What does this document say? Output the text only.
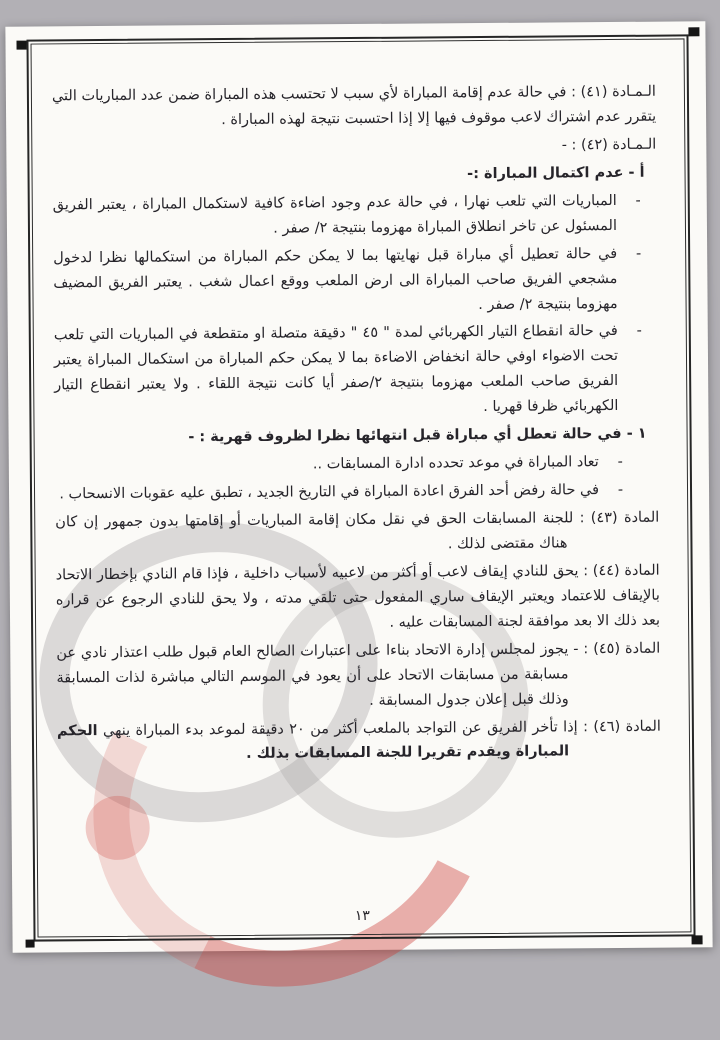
الـمـادة (٤١) : في حالة عدم إقامة المباراة لأي سبب لا تحتسب هذه المباراة ضمن عدد المباريات التي يتقرر عدم اشتراك لاعب موقوف فيها إلا إذا احتسبت نتيجة لهذه المباراة .

الـمـادة (٤٢) : -

أ - عدم اكتمال المباراة :-

-
المباريات التي تلعب نهارا ، في حالة عدم وجود اضاءة كافية لاستكمال المباراة ، يعتبر الفريق المسئول عن تاخر انطلاق المباراة مهزوما بنتيجة ٢/ صفر .
-
في حالة تعطيل أي مباراة قبل نهايتها بما لا يمكن حكم المباراة من استكمالها نظرا لدخول مشجعي الفريق صاحب المباراة الى ارض الملعب ووقع اعمال شغب . يعتبر الفريق المضيف مهزوما بنتيجة ٢/ صفر .
-
في حالة انقطاع التيار الكهربائي لمدة " ٤٥ " دقيقة متصلة او متقطعة في المباريات التي تلعب تحت الاضواء اوفي حالة انخفاض الاضاءة بما لا يمكن حكم المباراة من استكمال المباراة يعتبر الفريق صاحب الملعب مهزوما بنتيجة ٢/صفر أيا كانت نتيجة اللقاء . ولا يعتبر انقطاع التيار الكهربائي ظرفا قهريا .

١ - في حالة تعطل أي مباراة قبل انتهائها نظرا لظروف قهرية : -

-
تعاد المباراة في موعد تحدده ادارة المسابقات ..
-
في حالة رفض أحد الفرق اعادة المباراة في التاريخ الجديد ، تطبق عليه عقوبات الانسحاب .

المادة (٤٣) : للجنة المسابقات الحق في نقل مكان إقامة المباريات أو إقامتها بدون جمهور إن كان هناك مقتضى لذلك .

المادة (٤٤) : يحق للنادي إيقاف لاعب أو أكثر من لاعبيه لأسباب داخلية ، فإذا قام النادي بإخطار الاتحاد بالإيقاف للاعتماد ويعتبر الإيقاف ساري المفعول حتى تلقي مدته ، ولا يحق للنادي الرجوع عن قراره بعد ذلك الا بعد موافقة لجنة المسابقات عليه .

المادة (٤٥) : - يجوز لمجلس إدارة الاتحاد بناءا على اعتبارات الصالح العام قبول طلب اعتذار نادي عن مسابقة من مسابقات الاتحاد على أن يعود في الموسم التالي مباشرة لذات المسابقة وذلك قبل إعلان جدول المسابقة .

المادة (٤٦) : إذا تأخر الفريق عن التواجد بالملعب أكثر من ٢٠ دقيقة لموعد بدء المباراة ينهي الحكم المباراة ويقدم تقريرا للجنة المسابقات بذلك .

١٣
